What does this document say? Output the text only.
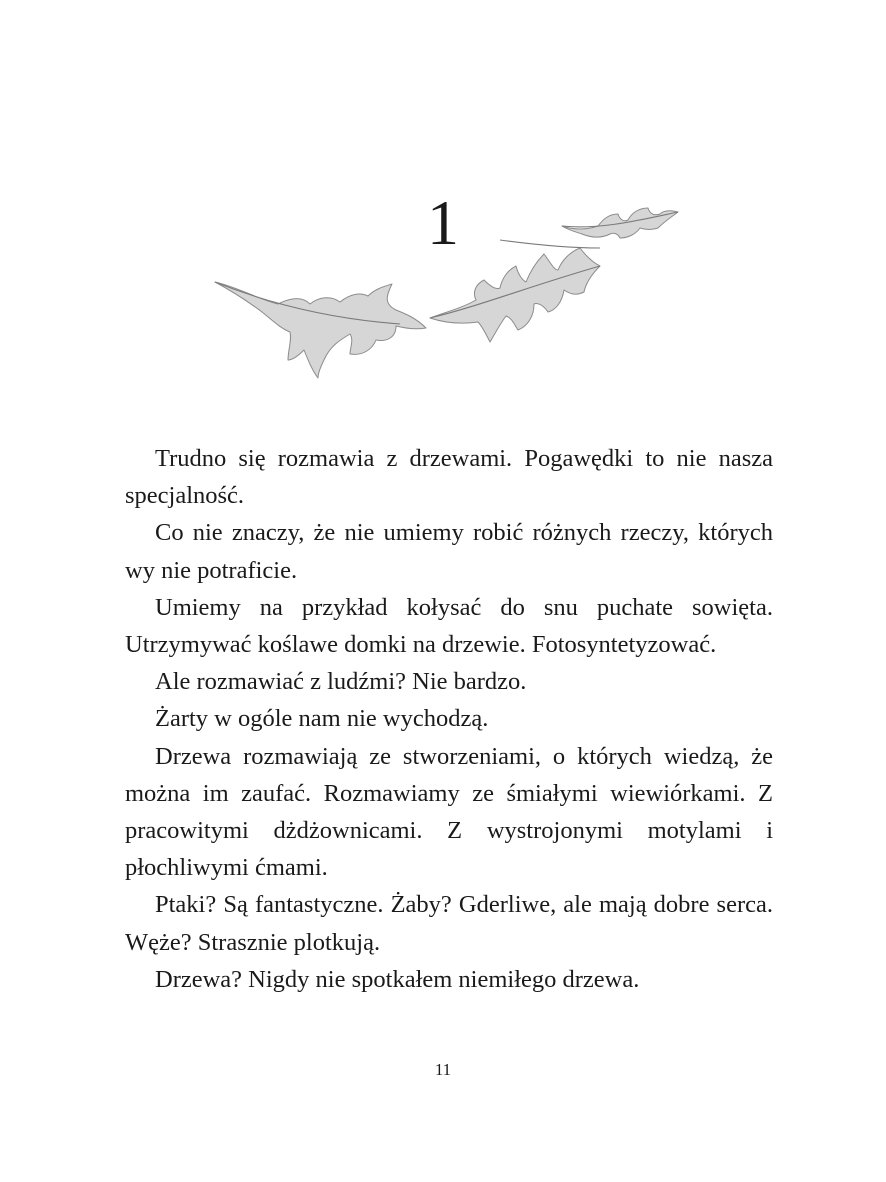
1

Trudno się rozmawia z drzewami. Pogawędki to nie nasza specjalność.

Co nie znaczy, że nie umiemy robić różnych rzeczy, których wy nie potraficie.

Umiemy na przykład kołysać do snu puchate sowięta. Utrzymywać koślawe domki na drzewie. Fotosyntetyzować.

Ale rozmawiać z ludźmi? Nie bardzo.

Żarty w ogóle nam nie wychodzą.

Drzewa rozmawiają ze stworzeniami, o których wiedzą, że można im zaufać. Rozmawiamy ze śmiałymi wiewiórkami. Z pracowitymi dżdżownicami. Z wystrojonymi motylami i płochliwymi ćmami.

Ptaki? Są fantastyczne. Żaby? Gderliwe, ale mają dobre serca. Węże? Strasznie plotkują.

Drzewa? Nigdy nie spotkałem niemiłego drzewa.

11
